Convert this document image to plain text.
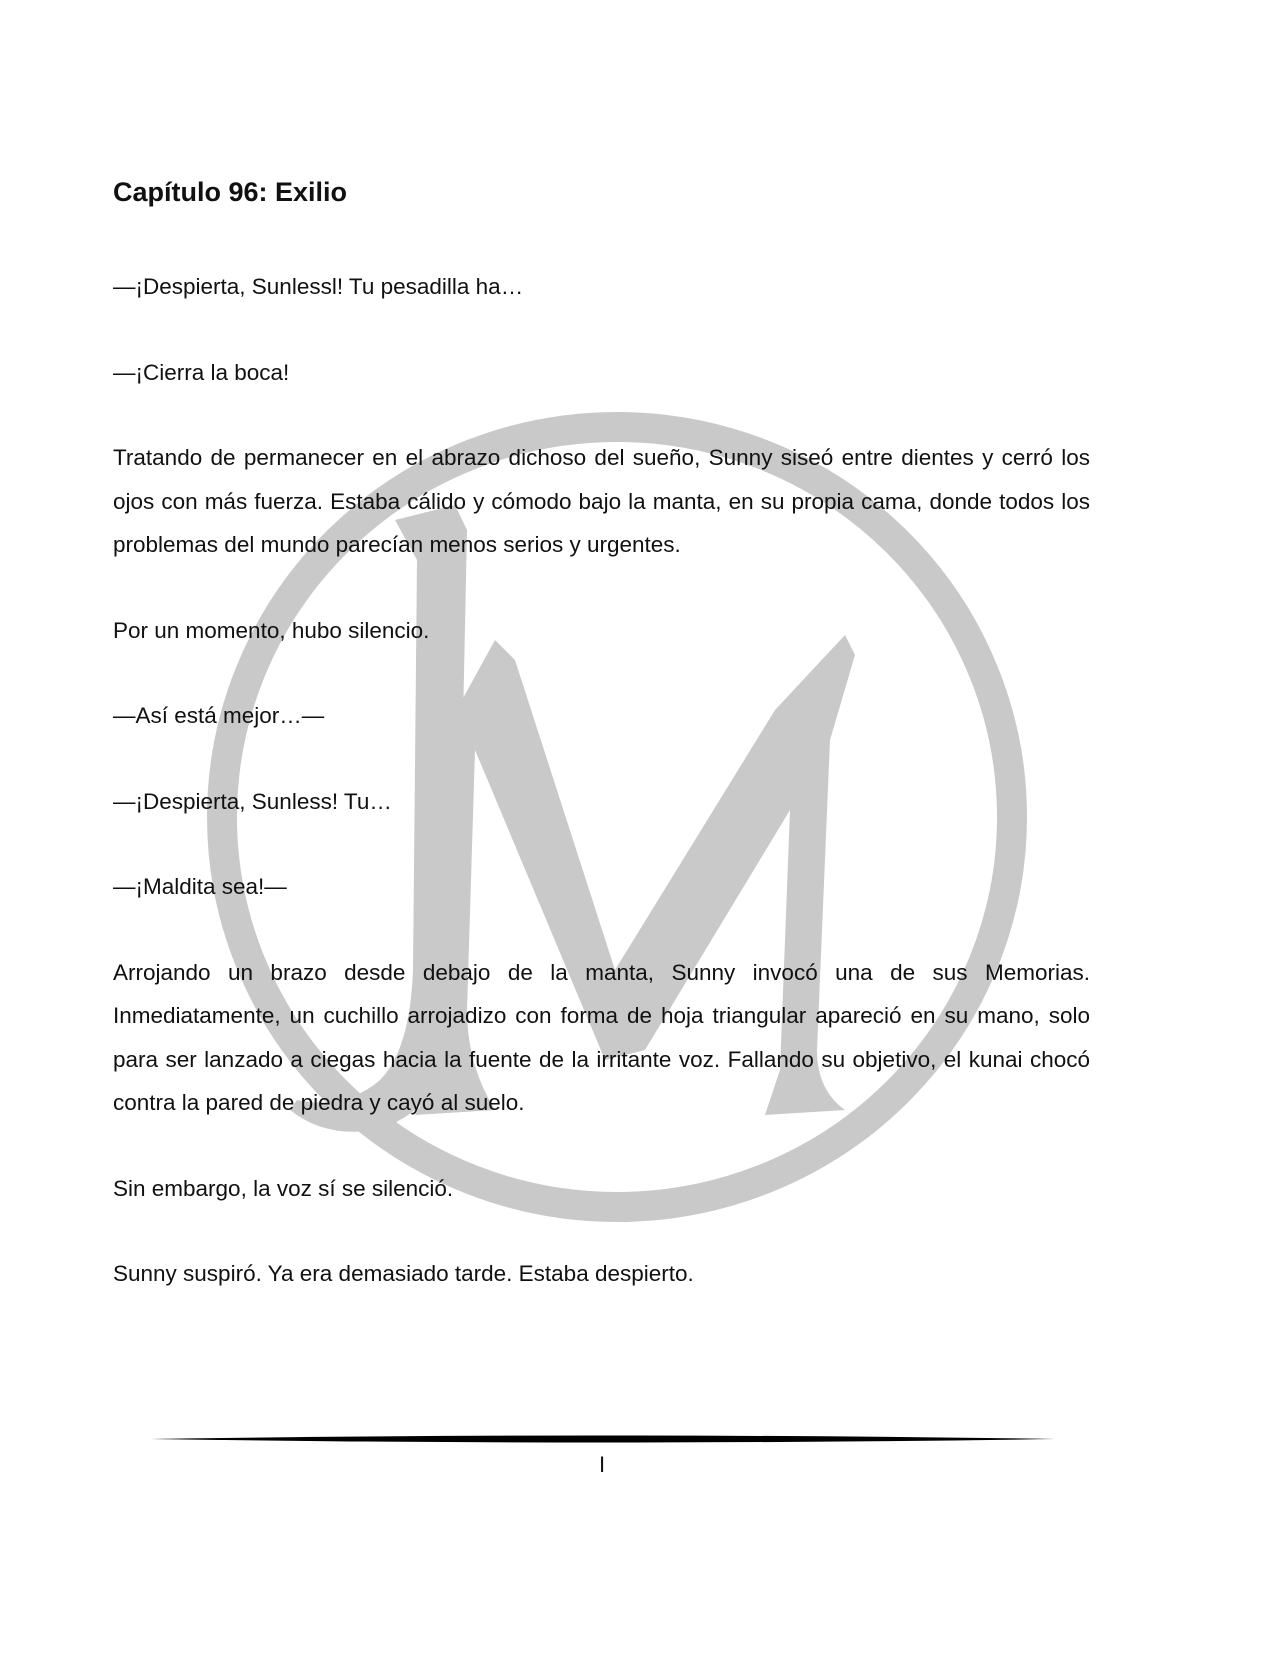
Capítulo 96: Exilio

—¡Despierta, Sunlessl! Tu pesadilla ha…

—¡Cierra la boca!

Tratando de permanecer en el abrazo dichoso del sueño, Sunny siseó entre dientes y cerró los ojos con más fuerza. Estaba cálido y cómodo bajo la manta, en su propia cama, donde todos los problemas del mundo parecían menos serios y urgentes.

Por un momento, hubo silencio.

—Así está mejor…—

—¡Despierta, Sunless! Tu…

—¡Maldita sea!—

Arrojando un brazo desde debajo de la manta, Sunny invocó una de sus Memorias. Inmediatamente, un cuchillo arrojadizo con forma de hoja triangular apareció en su mano, solo para ser lanzado a ciegas hacia la fuente de la irritante voz. Fallando su objetivo, el kunai chocó contra la pared de piedra y cayó al suelo.

Sin embargo, la voz sí se silenció.

Sunny suspiró. Ya era demasiado tarde. Estaba despierto.

I
